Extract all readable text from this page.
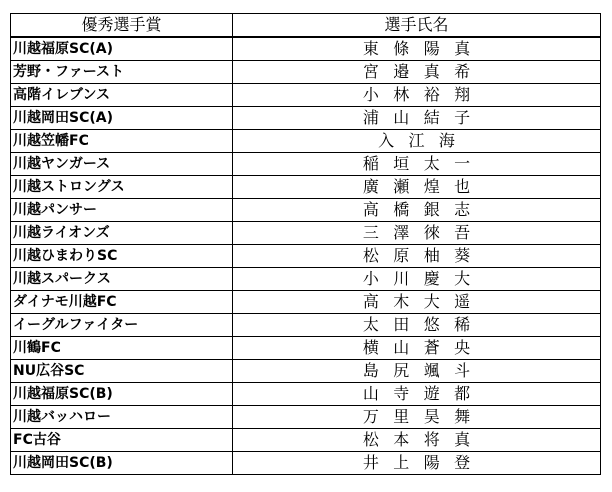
優秀選手賞	選手氏名
川越福原SC(A)	東條陽真
芳野・ファースト	宮邉真希
高階イレブンス	小林裕翔
川越岡田SC(A)	浦山結子
川越笠幡FC	入江海
川越ヤンガース	稲垣太一
川越ストロングス	廣瀬煌也
川越パンサー	高橋銀志
川越ライオンズ	三澤徠吾
川越ひまわりSC	松原柚葵
川越スパークス	小川慶大
ダイナモ川越FC	高木大遥
イーグルファイター	太田悠稀
川鶴FC	横山蒼央
NU広谷SC	島尻颯斗
川越福原SC(B)	山寺遊都
川越バッハロー	万里昊舞
FC古谷	松本将真
川越岡田SC(B)	井上陽登
